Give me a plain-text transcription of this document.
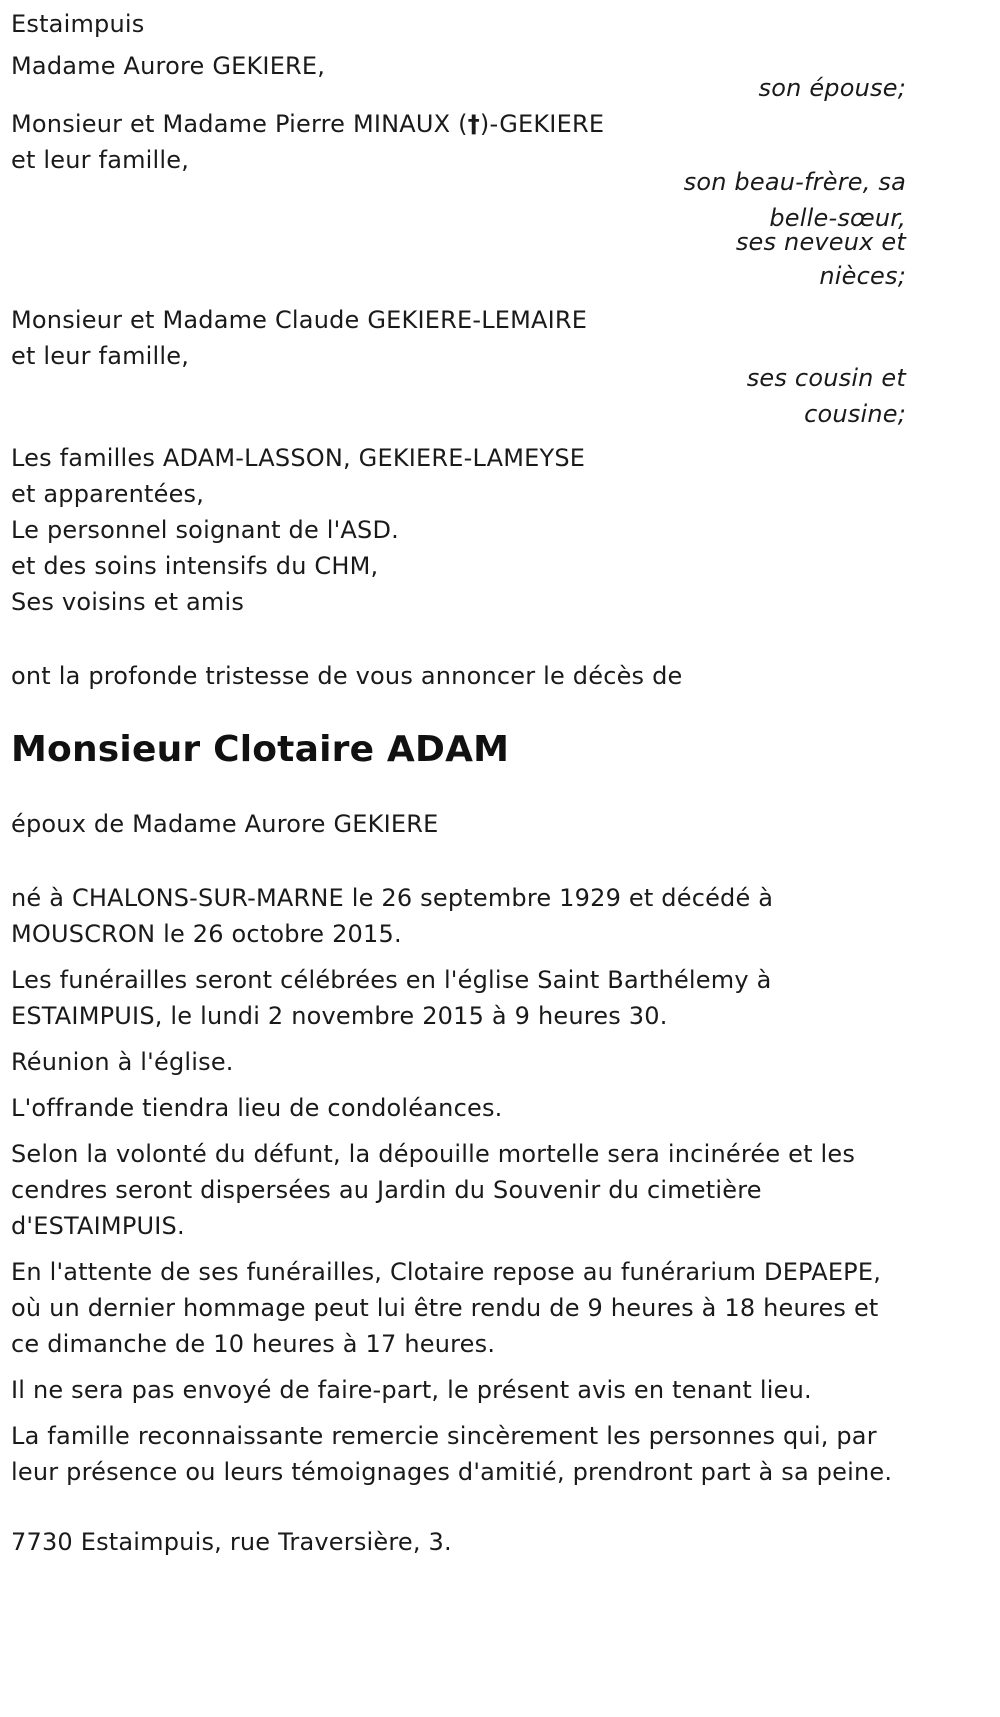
Estaimpuis

Madame Aurore GEKIERE,

son épouse;

Monsieur et Madame Pierre MINAUX (†)-GEKIERE

et leur famille,

son beau-frère, sa
belle-sœur,
ses neveux et
nièces;

Monsieur et Madame Claude GEKIERE-LEMAIRE

et leur famille,

ses cousin et
cousine;

Les familles ADAM-LASSON, GEKIERE-LAMEYSE

et apparentées,

Le personnel soignant de l'ASD.

et des soins intensifs du CHM,

Ses voisins et amis

ont la profonde tristesse de vous annoncer le décès de

Monsieur Clotaire ADAM

époux de Madame Aurore GEKIERE

né à CHALONS-SUR-MARNE le 26 septembre 1929 et décédé à MOUSCRON le 26 octobre 2015.

Les funérailles seront célébrées en l'église Saint Barthélemy à ESTAIMPUIS, le lundi 2 novembre 2015 à 9 heures 30.

Réunion à l'église.

L'offrande tiendra lieu de condoléances.

Selon la volonté du défunt, la dépouille mortelle sera incinérée et les cendres seront dispersées au Jardin du Souvenir du cimetière d'ESTAIMPUIS.

En l'attente de ses funérailles, Clotaire repose au funérarium DEPAEPE, où un dernier hommage peut lui être rendu de 9 heures à 18 heures et ce dimanche de 10 heures à 17 heures.

Il ne sera pas envoyé de faire-part, le présent avis en tenant lieu.

La famille reconnaissante remercie sincèrement les personnes qui, par leur présence ou leurs témoignages d'amitié, prendront part à sa peine.

7730 Estaimpuis, rue Traversière, 3.
